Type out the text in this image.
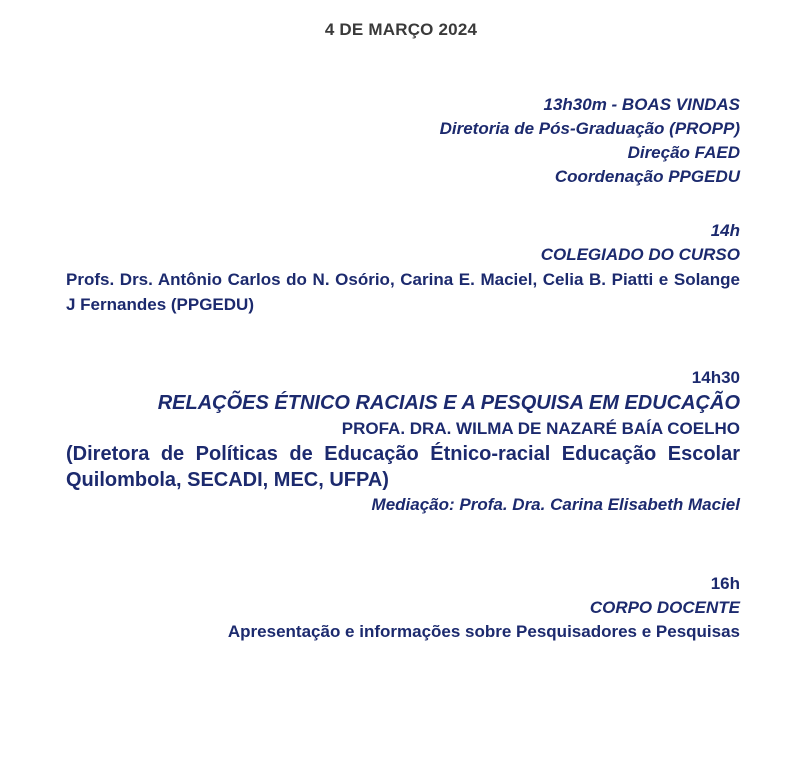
4 DE MARÇO 2024
13h30m - BOAS VINDAS
Diretoria de Pós-Graduação (PROPP)
Direção FAED
Coordenação PPGEDU
14h
COLEGIADO DO CURSO
Profs. Drs. Antônio Carlos do N. Osório, Carina E. Maciel, Celia B. Piatti e Solange J Fernandes (PPGEDU)
14h30
RELAÇÕES ÉTNICO RACIAIS E A PESQUISA EM EDUCAÇÃO
PROFA. DRA. WILMA DE NAZARÉ BAÍA COELHO
(Diretora de Políticas de Educação Étnico-racial Educação Escolar Quilombola, SECADI, MEC, UFPA)
Mediação: Profa. Dra. Carina Elisabeth Maciel
16h
CORPO DOCENTE
Apresentação e informações sobre Pesquisadores e Pesquisas
